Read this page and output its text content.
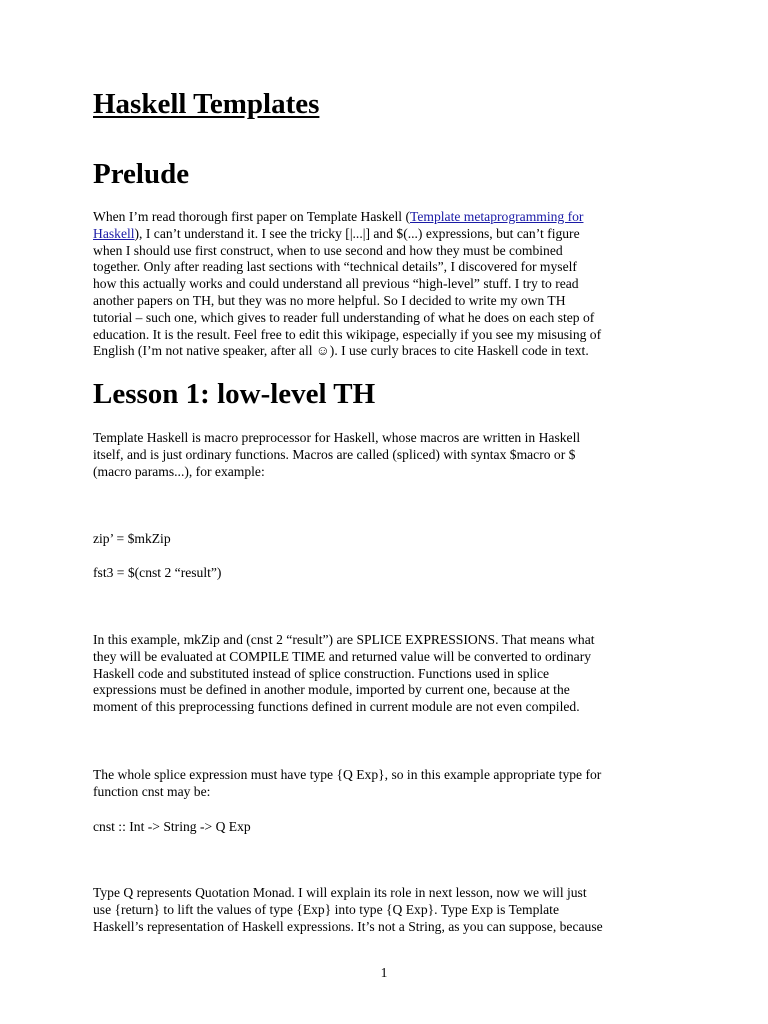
Haskell Templates
Prelude
When I’m read thorough first paper on Template Haskell (Template metaprogramming for
Haskell), I can’t understand it. I see the tricky [|...|] and $(...) expressions, but can’t figure
when I should use first construct, when to use second and how they must be combined
together. Only after reading last sections with “technical details”, I discovered for myself
how this actually works and could understand all previous “high-level” stuff. I try to read
another papers on TH, but they was no more helpful. So I decided to write my own TH
tutorial – such one, which gives to reader full understanding of what he does on each step of
education. It is the result. Feel free to edit this wikipage, especially if you see my misusing of
English (I’m not native speaker, after all ☺). I use curly braces to cite Haskell code in text.
Lesson 1: low-level TH
Template Haskell is macro preprocessor for Haskell, whose macros are written in Haskell
itself, and is just ordinary functions. Macros are called (spliced) with syntax $macro or $
(macro params...), for example:

zip’ = $mkZip

fst3 = $(cnst 2 “result”)

In this example, mkZip and (cnst 2 “result”) are SPLICE EXPRESSIONS. That means what
they will be evaluated at COMPILE TIME and returned value will be converted to ordinary
Haskell code and substituted instead of splice construction. Functions used in splice
expressions must be defined in another module, imported by current one, because at the
moment of this preprocessing functions defined in current module are not even compiled.
The whole splice expression must have type {Q Exp}, so in this example appropriate type for
function cnst may be:

cnst :: Int -> String -> Q Exp

Type Q represents Quotation Monad. I will explain its role in next lesson, now we will just
use {return} to lift the values of type {Exp} into type {Q Exp}. Type Exp is Template
Haskell’s representation of Haskell expressions. It’s not a String, as you can suppose, because

1
